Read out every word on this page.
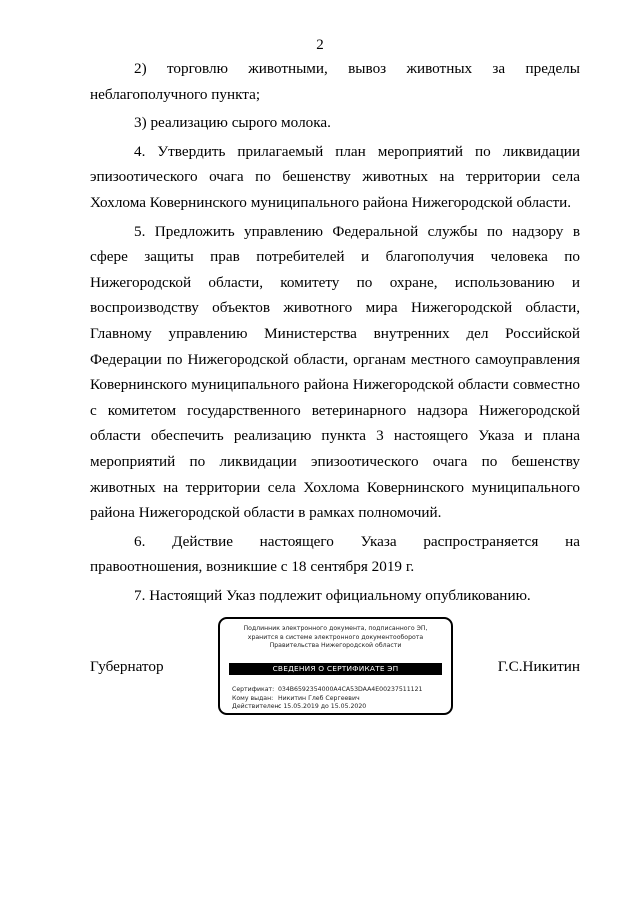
2

2) торговлю животными, вывоз животных за пределы неблагополучного пункта;

3) реализацию сырого молока.

4. Утвердить прилагаемый план мероприятий по ликвидации эпизоотического очага по бешенству животных на территории села Хохлома Ковернинского муниципального района Нижегородской области.

5. Предложить управлению Федеральной службы по надзору в сфере защиты прав потребителей и благополучия человека по Нижегородской области, комитету по охране, использованию и воспроизводству объектов животного мира Нижегородской области, Главному управлению Министерства внутренних дел Российской Федерации по Нижегородской области, органам местного самоуправления Ковернинского муниципального района Нижегородской области совместно с комитетом государственного ветеринарного надзора Нижегородской области обеспечить реализацию пункта 3 настоящего Указа и плана мероприятий по ликвидации эпизоотического очага по бешенству животных на территории села Хохлома Ковернинского муниципального района Нижегородской области в рамках полномочий.

6. Действие настоящего Указа распространяется на правоотношения, возникшие с 18 сентября 2019 г.

7. Настоящий Указ подлежит официальному опубликованию.

Губернатор
Подлинник электронного документа, подписанного ЭП,
хранится в системе электронного документооборота
Правительства Нижегородской области
СВЕДЕНИЯ О СЕРТИФИКАТЕ ЭП
Сертификат: 034B6592354000A4CA53DAA4E00237511121
Кому выдан: Никитин Глеб Сергеевич
Действителен:с 15.05.2019 до 15.05.2020
Г.С.Никитин
